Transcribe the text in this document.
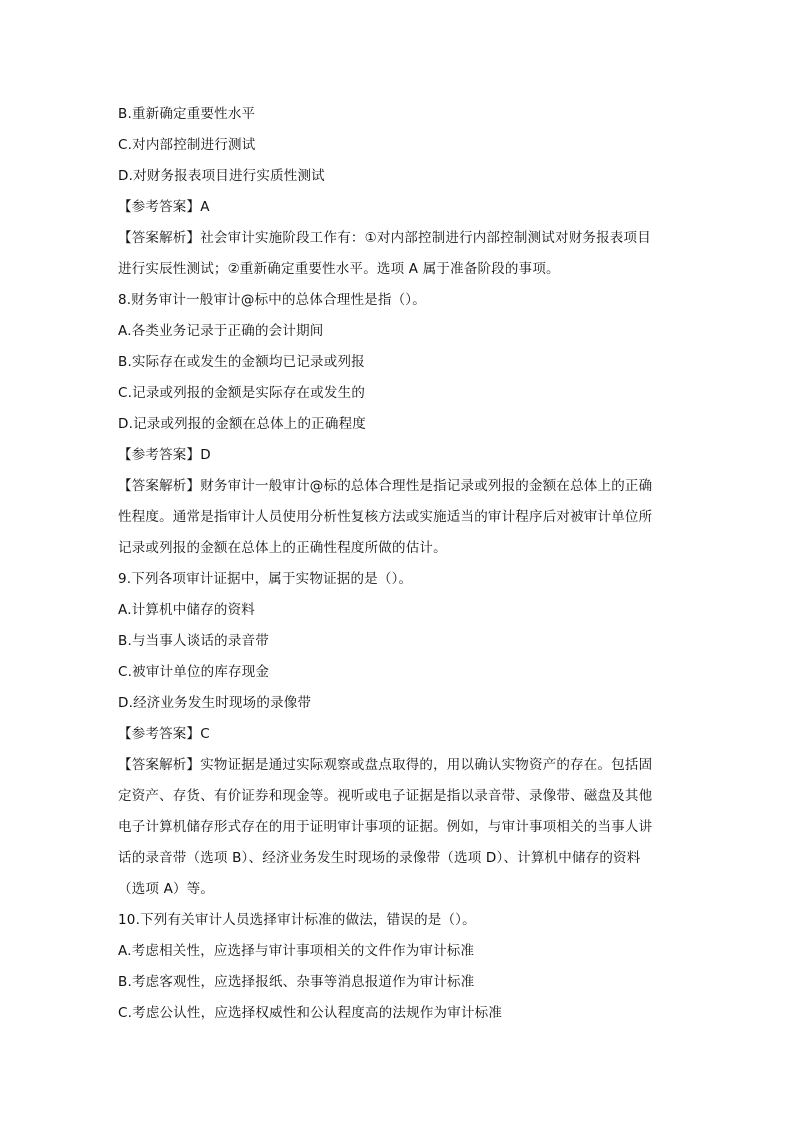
B.重新确定重要性水平
C.对内部控制进行测试
D.对财务报表项目进行实质性测试
【参考答案】A
【答案解析】社会审计实施阶段工作有：①对内部控制进行内部控制测试对财务报表项目
进行实辰性测试；②重新确定重要性水平。选项 A 属于准备阶段的事项。
8.财务审计一般审计@标中的总体合理性是指（）。
A.各类业务记录于正确的会计期间
B.实际存在或发生的金额均已记录或列报
C.记录或列报的金额是实际存在或发生的
D.记录或列报的金额在总体上的正确程度
【参考答案】D
【答案解析】财务审计一般审计@标的总体合理性是指记录或列报的金额在总体上的正确
性程度。通常是指审计人员使用分析性复核方法或实施适当的审计程序后对被审计单位所
记录或列报的金额在总体上的正确性程度所做的估计。
9.下列各项审计证据中，属于实物证据的是（）。
A.计算机中储存的资料
B.与当事人谈话的录音带
C.被审计单位的库存现金
D.经济业务发生时现场的录像带
【参考答案】C
【答案解析】实物证据是通过实际观察或盘点取得的，用以确认实物资产的存在。包括固
定资产、存货、有价证券和现金等。视听或电子证据是指以录音带、录像带、磁盘及其他
电子计算机储存形式存在的用于证明审计事项的证据。例如，与审计事项相关的当事人讲
话的录音带（选项 B）、经济业务发生时现场的录像带（选项 D）、计算机中储存的资料
（选项 A）等。
10.下列有关审计人员选择审计标准的做法，错误的是（）。
A.考虑相关性，应选择与审计事项相关的文件作为审计标准
B.考虑客观性，应选择报纸、杂事等消息报道作为审计标准
C.考虑公认性，应选择权威性和公认程度高的法规作为审计标准
